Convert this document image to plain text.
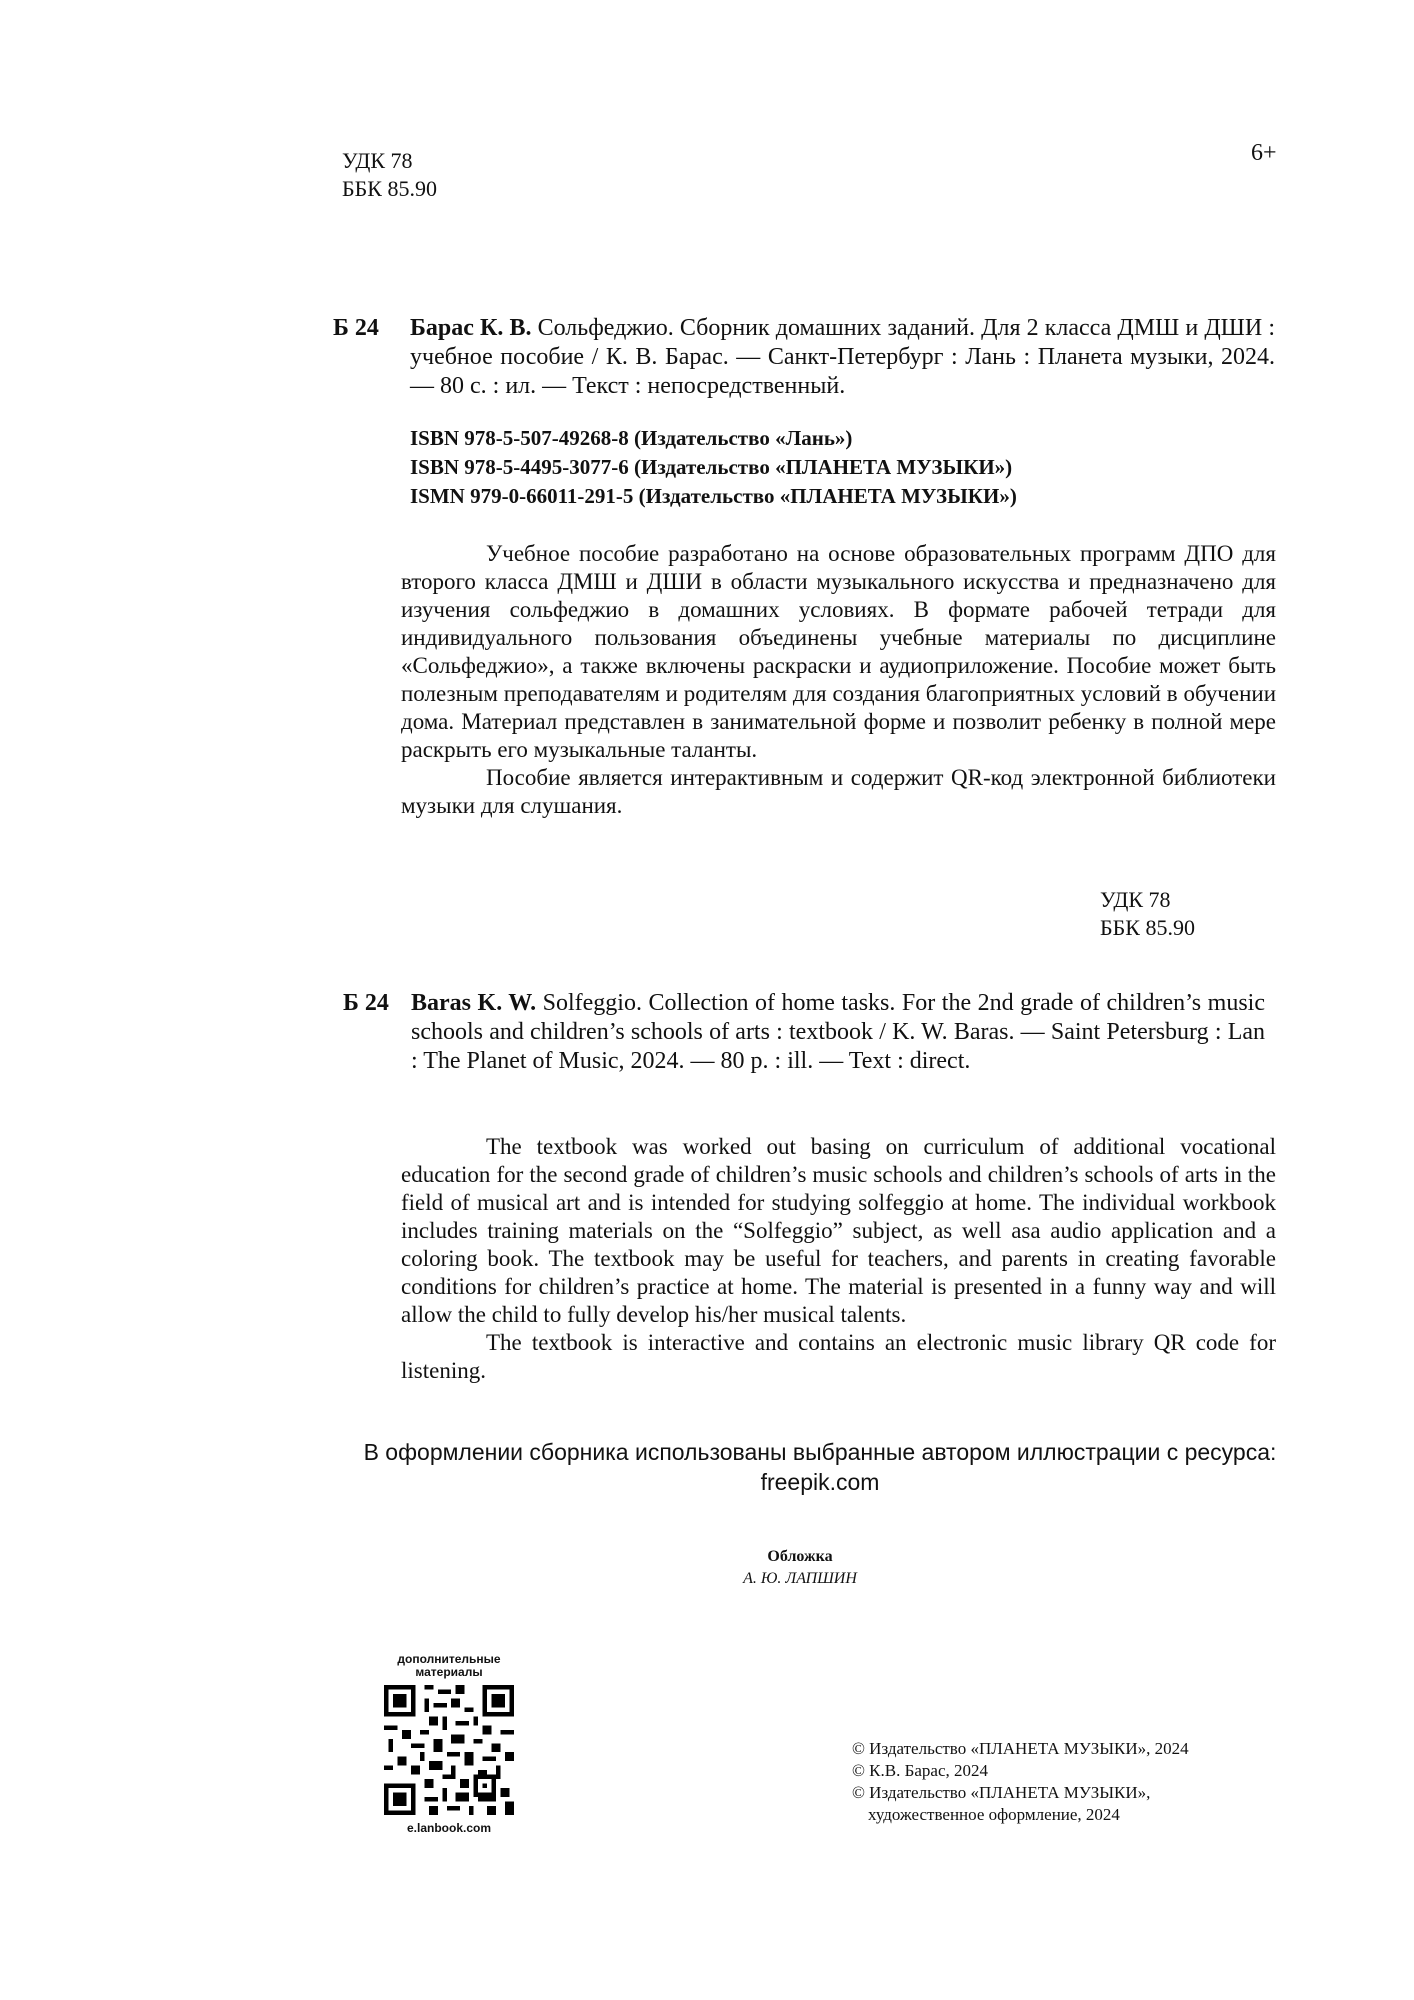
УДК 78
ББК 85.90
6+
Б 24	Барас К. В. Сольфеджио. Сборник домашних заданий. Для 2 класса ДМШ и ДШИ : учебное пособие / К. В. Барас. — Санкт-Петербург : Лань : Планета музыки, 2024. — 80 с. : ил. — Текст : непосредственный.

ISBN 978-5-507-49268-8 (Издательство «Лань»)
ISBN 978-5-4495-3077-6 (Издательство «ПЛАНЕТА МУЗЫКИ»)
ISMN 979-0-66011-291-5 (Издательство «ПЛАНЕТА МУЗЫКИ»)

Учебное пособие разработано на основе образовательных программ ДПО для второго класса ДМШ и ДШИ в области музыкального искусства и предназначено для изучения сольфеджио в домашних условиях. В формате рабочей тетради для индивидуального пользования объединены учебные материалы по дисциплине «Сольфеджио», а также включены раскраски и аудиоприложение. Пособие может быть полезным преподавателям и родителям для создания благоприятных условий в обучении дома. Материал представлен в занимательной форме и позволит ребенку в полной мере раскрыть его музыкальные таланты.

Пособие является интерактивным и содержит QR-код электронной библиотеки музыки для слушания.

УДК 78
ББК 85.90
Б 24 Baras K. W. Solfeggio. Collection of home tasks. For the 2nd grade of children’s music schools and children’s schools of arts : textbook / K. W. Baras. — Saint Petersburg : Lan : The Planet of Music, 2024. — 80 p. : ill. — Text : direct.

The textbook was worked out basing on curriculum of additional vocational education for the second grade of children’s music schools and children’s schools of arts in the field of musical art and is intended for studying solfeggio at home. The individual workbook includes training materials on the “Solfeggio” subject, as well asa audio application and a coloring book. The textbook may be useful for teachers, and parents in creating favorable conditions for children’s practice at home. The material is presented in a funny way and will allow the child to fully develop his/her musical talents.

The textbook is interactive and contains an electronic music library QR code for listening.

В оформлении сборника использованы выбранные автором иллюстрации с ресурса:
freepik.com
Обложка
А. Ю. ЛАПШИН
дополнительные
материалы
e.lanbook.com
© Издательство «ПЛАНЕТА МУЗЫКИ», 2024
© К.В. Барас, 2024
© Издательство «ПЛАНЕТА МУЗЫКИ»,
художественное оформление, 2024
